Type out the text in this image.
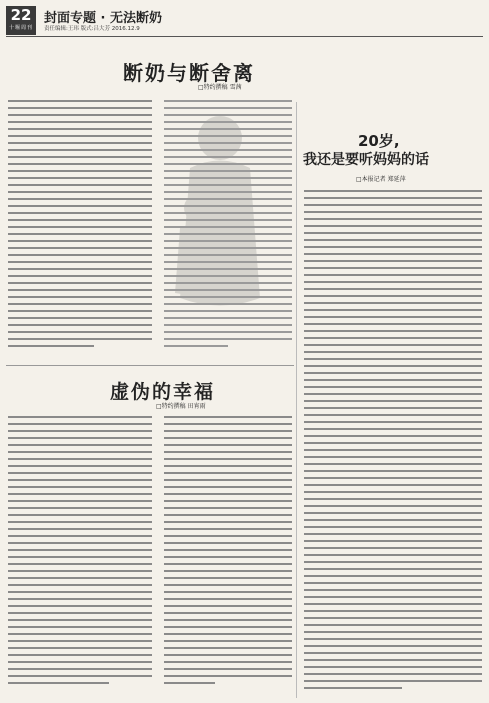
22
十堰周刊
封面专题 · 无法断奶
责任编辑:王玮 版式:吕大芳 2016.12.9
断奶与断舍离
□特约撰稿 雪茜
虚伪的幸福
□特约撰稿 田宵雨
20岁,
我还是要听妈妈的话
□本报记者 郑延萍
